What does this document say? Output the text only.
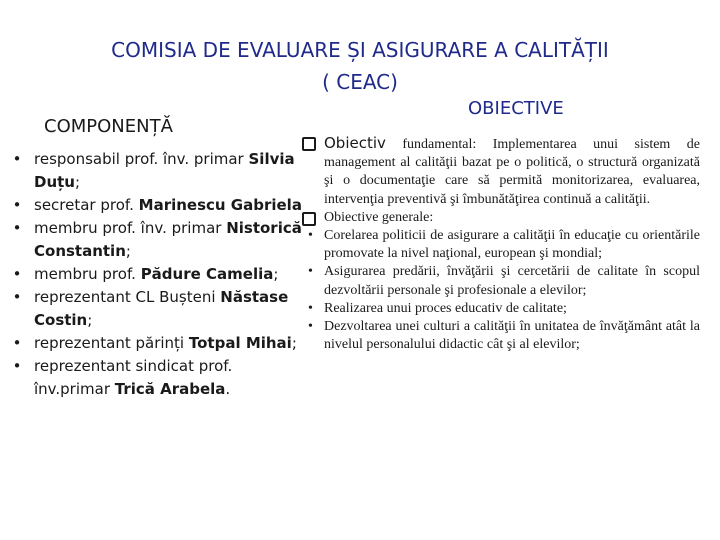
COMISIA DE EVALUARE ȘI ASIGURARE A CALITĂȚII
( CEAC)
COMPONENȚĂ
OBIECTIVE
• responsabil prof. înv. primar Silvia Duțu;
• secretar prof. Marinescu Gabriela
• membru prof. înv. primar Nistorică Constantin;
• membru prof. Pădure Camelia;
• reprezentant CL Bușteni Năstase Costin;
• reprezentant părinți Totpal Mihai;
• reprezentant sindicat prof. înv.primar Trică Arabela.
Obiectiv fundamental: Implementarea unui sistem de management al calităţii bazat pe o politică, o structură organizată şi o documentaţie care să permită monitorizarea, evaluarea, intervenţia preventivă şi îmbunătăţirea continuă a calităţii.
Obiective generale:
• Corelarea politicii de asigurare a calităţii în educaţie cu orientările promovate la nivel naţional, european şi mondial;
• Asigurarea predării, învăţării şi cercetării de calitate în scopul dezvoltării personale şi profesionale a elevilor;
• Realizarea unui proces educativ de calitate;
• Dezvoltarea unei culturi a calităţii în unitatea de învăţământ atât la nivelul personalului didactic cât şi al elevilor;
